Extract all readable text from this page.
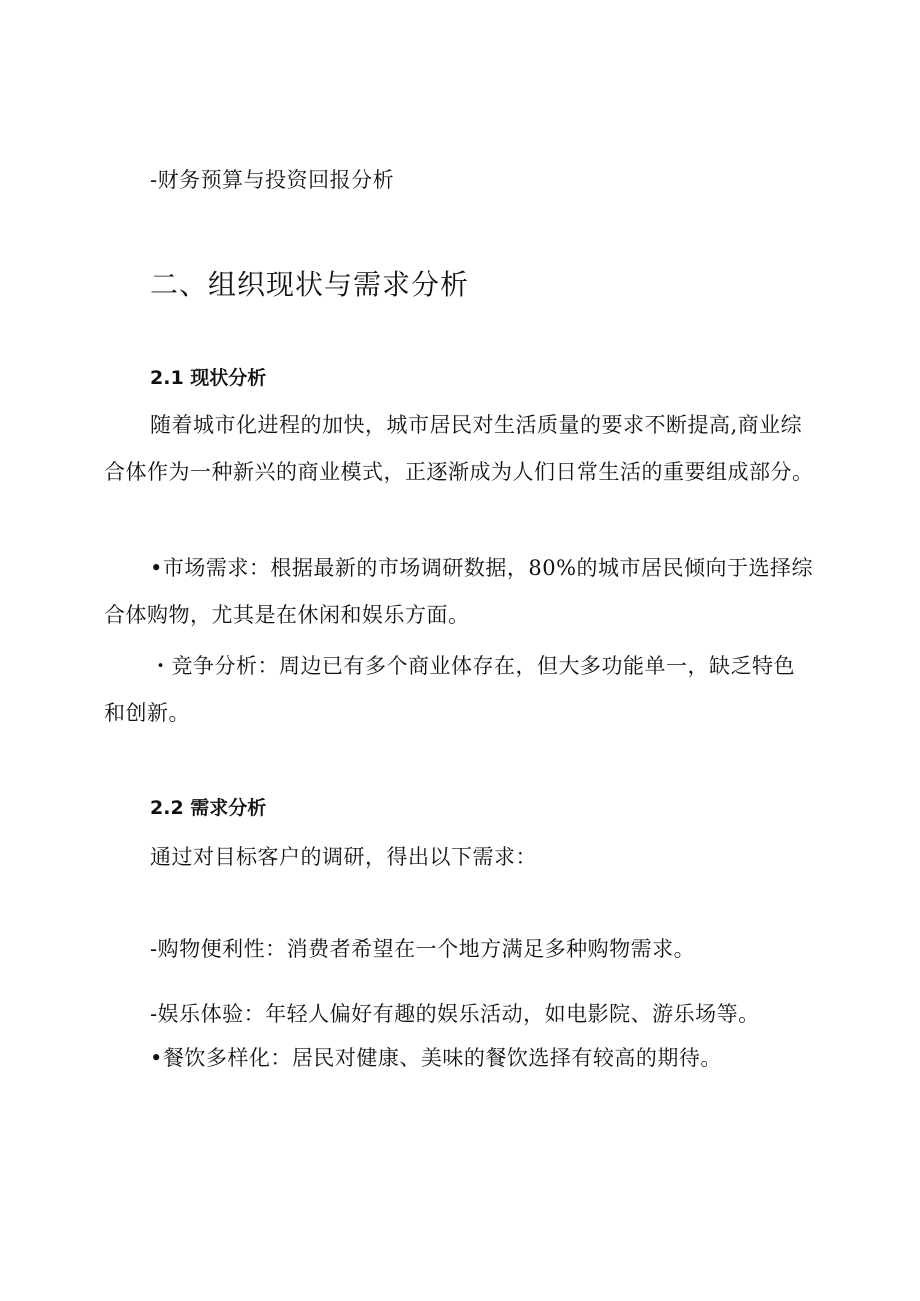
-财务预算与投资回报分析
二、组织现状与需求分析
2.1 现状分析
随着城市化进程的加快，城市居民对生活质量的要求不断提高,商业综
合体作为一种新兴的商业模式，正逐渐成为人们日常生活的重要组成部分。
•市场需求：根据最新的市场调研数据，80%的城市居民倾向于选择综
合体购物，尤其是在休闲和娱乐方面。
・竞争分析：周边已有多个商业体存在，但大多功能单一，缺乏特色
和创新。
2.2 需求分析
通过对目标客户的调研，得出以下需求：
-购物便利性：消费者希望在一个地方满足多种购物需求。
-娱乐体验：年轻人偏好有趣的娱乐活动，如电影院、游乐场等。
•餐饮多样化：居民对健康、美味的餐饮选择有较高的期待。
